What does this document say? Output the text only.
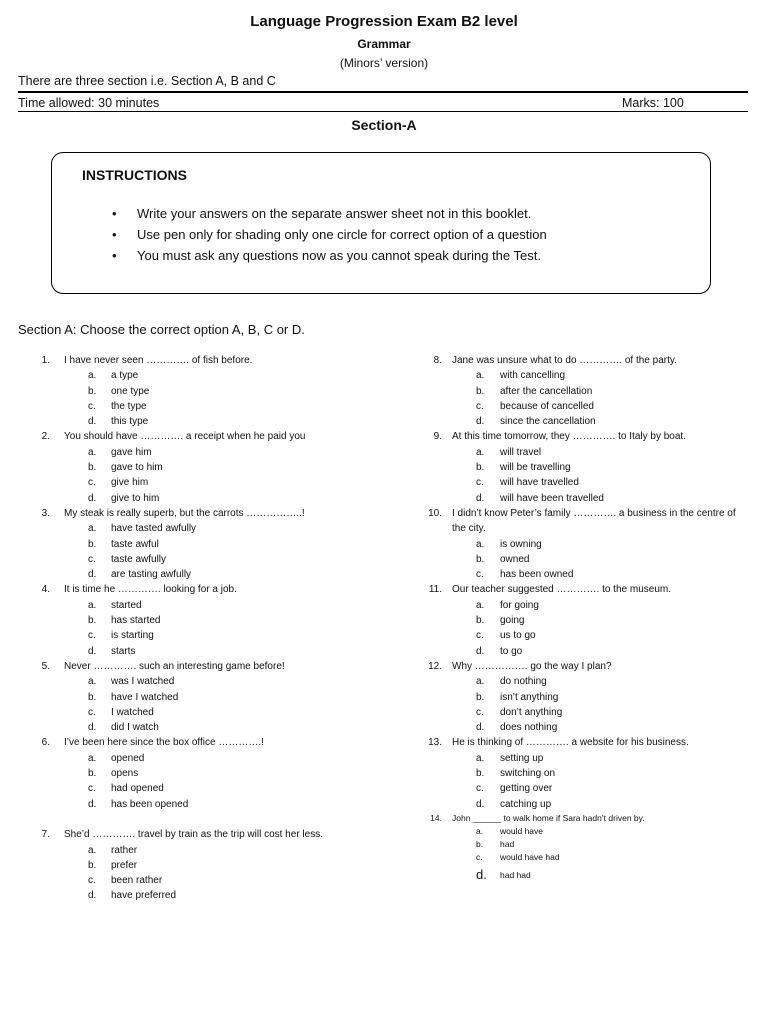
Language Progression Exam B2 level
Grammar
(Minors’ version)
There are three section i.e. Section A, B and C
Time allowed: 30 minutes	Marks: 100
Section-A
INSTRUCTIONS
• Write your answers on the separate answer sheet not in this booklet.
• Use pen only for shading only one circle for correct option of a question
• You must ask any questions now as you cannot speak during the Test.
Section A: Choose the correct option A, B, C or D.
1. I have never seen …………. of fish before.
a. a type
b. one type
c. the type
d. this type
2. You should have …………. a receipt when he paid you
a. gave him
b. gave to him
c. give him
d. give to him
3. My steak is really superb, but the carrots ……………..!
a. have tasted awfully
b. taste awful
c. taste awfully
d. are tasting awfully
4. It is time he …………. looking for a job.
a. started
b. has started
c. is starting
d. starts
5. Never …………. such an interesting game before!
a. was I watched
b. have I watched
c. I watched
d. did I watch
6. I’ve been here since the box office ………….!
a. opened
b. opens
c. had opened
d. has been opened
7. She’d …………. travel by train as the trip will cost her less.
a. rather
b. prefer
c. been rather
d. have preferred
8. Jane was unsure what to do …………. of the party.
a. with cancelling
b. after the cancellation
c. because of cancelled
d. since the cancellation
9. At this time tomorrow, they …………. to Italy by boat.
a. will travel
b. will be travelling
c. will have travelled
d. will have been travelled
10. I didn’t know Peter’s family …………. a business in the centre of the city.
a. is owning
b. owned
c. has been owned
11. Our teacher suggested …………. to the museum.
a. for going
b. going
c. us to go
d. to go
12. Why ……………. go the way I plan?
a. do nothing
b. isn’t anything
c. don’t anything
d. does nothing
13. He is thinking of …………. a website for his business.
a. setting up
b. switching on
c. getting over
d. catching up
14. John ______ to walk home if Sara hadn’t driven by.
a. would have
b. had
c. would have had
d. had had
